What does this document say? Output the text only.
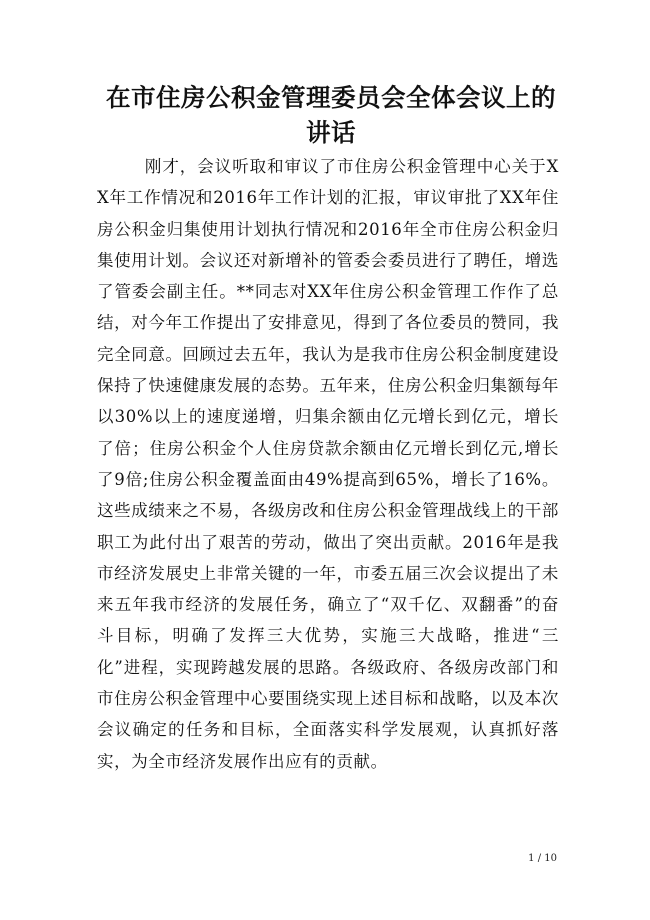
在市住房公积金管理委员会全体会议上的讲话

刚才，会议听取和审议了市住房公积金管理中心关于XX年工作情况和2016年工作计划的汇报，审议审批了XX年住房公积金归集使用计划执行情况和2016年全市住房公积金归集使用计划。会议还对新增补的管委会委员进行了聘任，增选了管委会副主任。**同志对XX年住房公积金管理工作作了总结，对今年工作提出了安排意见，得到了各位委员的赞同，我完全同意。回顾过去五年，我认为是我市住房公积金制度建设保持了快速健康发展的态势。五年来，住房公积金归集额每年以30%以上的速度递增，归集余额由亿元增长到亿元，增长了倍；住房公积金个人住房贷款余额由亿元增长到亿元,增长了9倍;住房公积金覆盖面由49%提高到65%，增长了16%。这些成绩来之不易，各级房改和住房公积金管理战线上的干部职工为此付出了艰苦的劳动，做出了突出贡献。2016年是我市经济发展史上非常关键的一年，市委五届三次会议提出了未来五年我市经济的发展任务，确立了“双千亿、双翻番”的奋斗目标，明确了发挥三大优势，实施三大战略，推进“三化”进程，实现跨越发展的思路。各级政府、各级房改部门和市住房公积金管理中心要围绕实现上述目标和战略，以及本次会议确定的任务和目标，全面落实科学发展观，认真抓好落实，为全市经济发展作出应有的贡献。

1 / 10
